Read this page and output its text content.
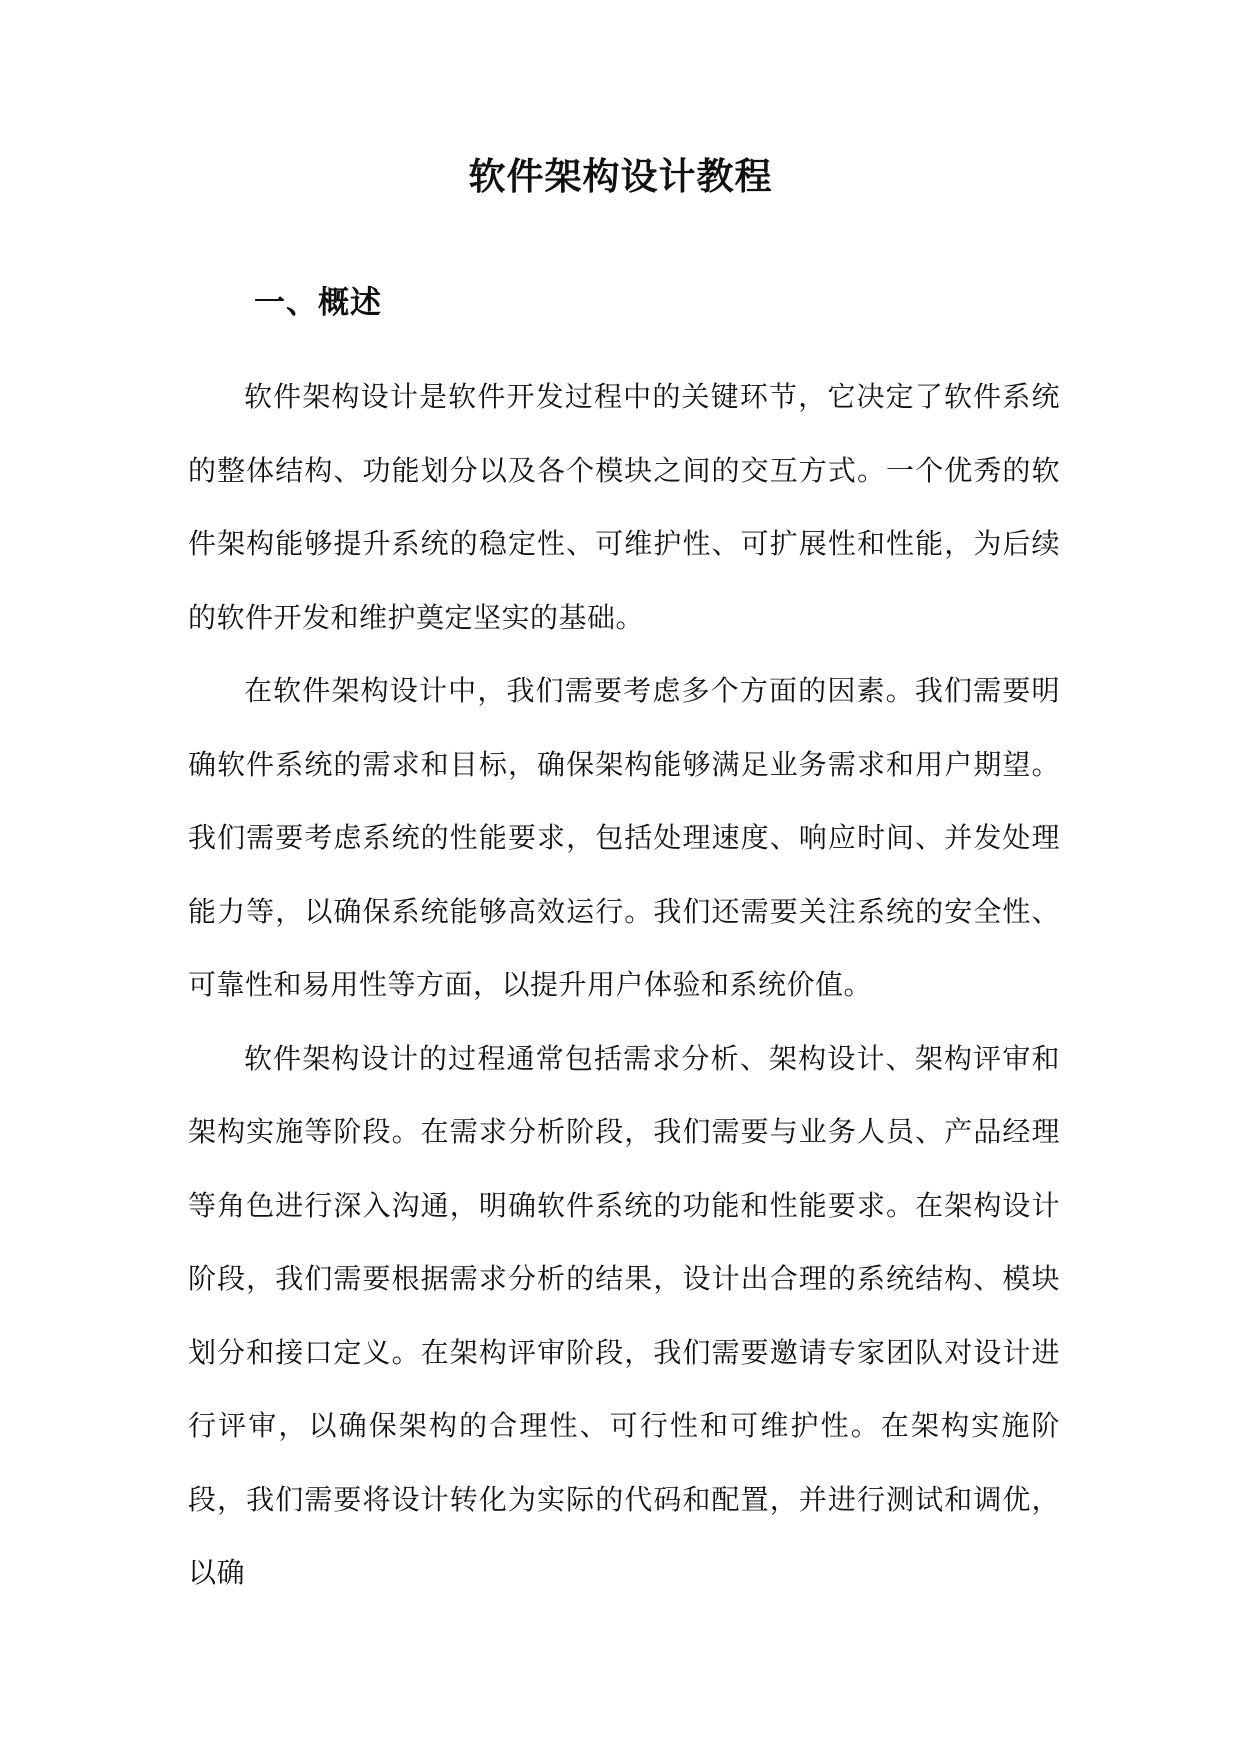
软件架构设计教程
一、概述

软件架构设计是软件开发过程中的关键环节，它决定了软件系统的整体结构、功能划分以及各个模块之间的交互方式。一个优秀的软件架构能够提升系统的稳定性、可维护性、可扩展性和性能，为后续的软件开发和维护奠定坚实的基础。

在软件架构设计中，我们需要考虑多个方面的因素。我们需要明确软件系统的需求和目标，确保架构能够满足业务需求和用户期望。我们需要考虑系统的性能要求，包括处理速度、响应时间、并发处理能力等，以确保系统能够高效运行。我们还需要关注系统的安全性、可靠性和易用性等方面，以提升用户体验和系统价值。

软件架构设计的过程通常包括需求分析、架构设计、架构评审和架构实施等阶段。在需求分析阶段，我们需要与业务人员、产品经理等角色进行深入沟通，明确软件系统的功能和性能要求。在架构设计阶段，我们需要根据需求分析的结果，设计出合理的系统结构、模块划分和接口定义。在架构评审阶段，我们需要邀请专家团队对设计进行评审，以确保架构的合理性、可行性和可维护性。在架构实施阶段，我们需要将设计转化为实际的代码和配置，并进行测试和调优，以确
